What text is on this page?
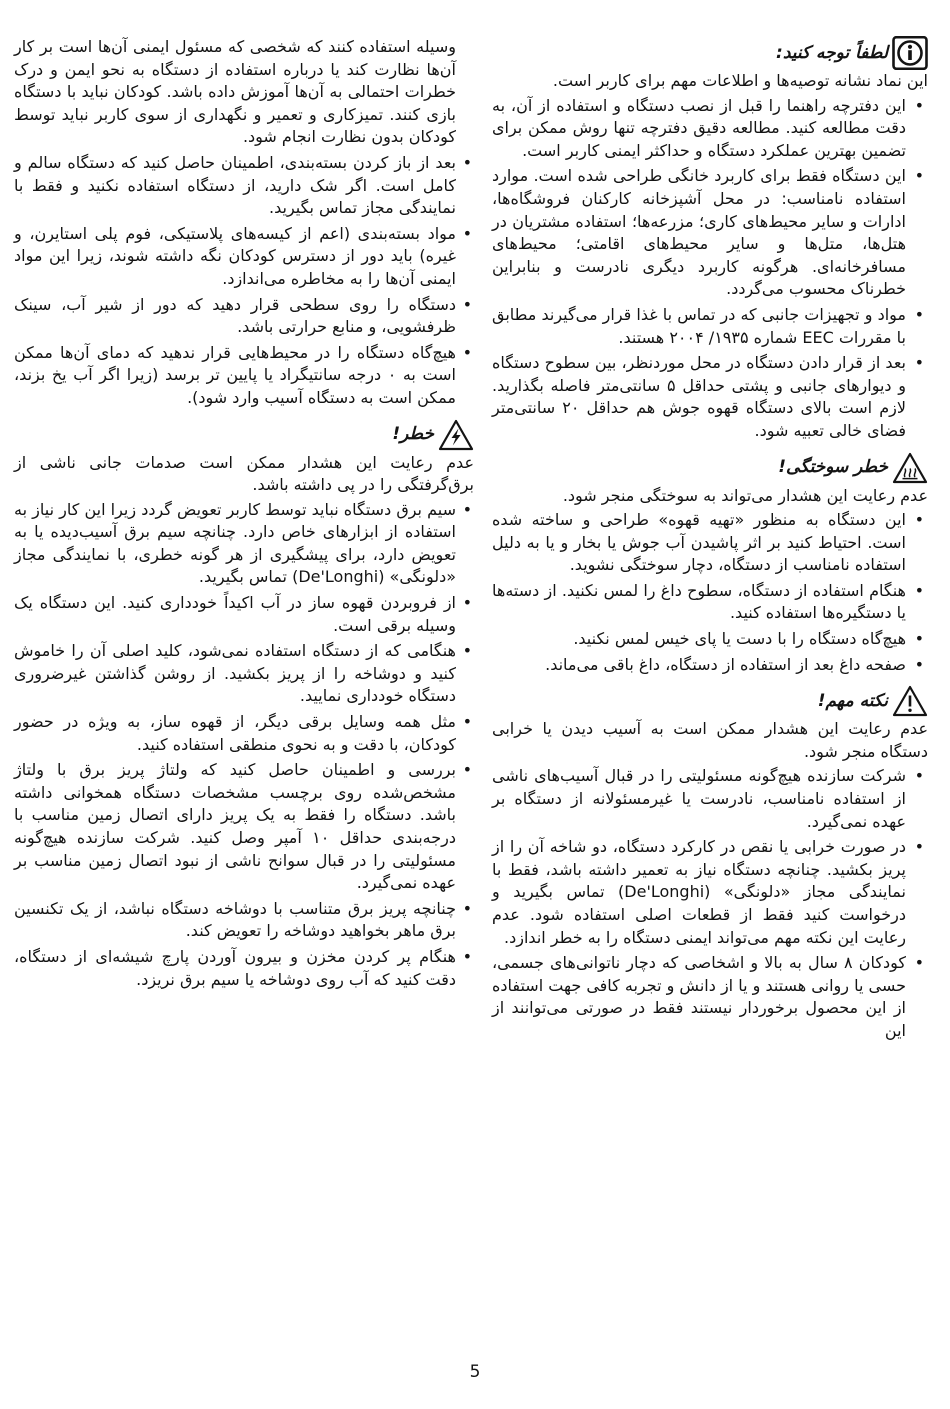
لطفاً توجه کنید:

این نماد نشانه توصیه‌ها و اطلاعات مهم برای کاربر است.

• این دفترچه راهنما را قبل از نصب دستگاه و استفاده از آن، به دقت مطالعه کنید. مطالعه دقیق دفترچه تنها روش ممکن برای تضمین بهترین عملکرد دستگاه و حداکثر ایمنی کاربر است.
• این دستگاه فقط برای کاربرد خانگی طراحی شده است. موارد استفاده نامناسب: در محل آشپزخانه کارکنان فروشگاه‌ها، ادارات و سایر محیط‌های کاری؛ مزرعه‌ها؛ استفاده مشتریان در هتل‌ها، متل‌ها و سایر محیط‌های اقامتی؛ محیط‌های مسافرخانه‌ای. هرگونه کاربرد دیگری نادرست و بنابراین خطرناک محسوب می‌گردد.
• مواد و تجهیزات جانبی که در تماس با غذا قرار می‌گیرند مطابق با مقررات EEC شماره ۱۹۳۵/ ۲۰۰۴ هستند.
• بعد از قرار دادن دستگاه در محل موردنظر، بین سطوح دستگاه و دیوارهای جانبی و پشتی حداقل ۵ سانتی‌متر فاصله بگذارید. لازم است بالای دستگاه قهوه جوش هم حداقل ۲۰ سانتی‌متر فضای خالی تعبیه شود.
خطر سوختگی!

عدم رعایت این هشدار می‌تواند به سوختگی منجر شود.

• این دستگاه به منظور «تهیه قهوه» طراحی و ساخته شده است. احتیاط کنید بر اثر پاشیدن آب جوش یا بخار و یا به دلیل استفاده نامناسب از دستگاه، دچار سوختگی نشوید.
• هنگام استفاده از دستگاه، سطوح داغ را لمس نکنید. از دسته‌ها یا دستگیره‌ها استفاده کنید.
• هیچ‌گاه دستگاه را با دست یا پای خیس لمس نکنید.
• صفحه داغ بعد از استفاده از دستگاه، داغ باقی می‌ماند.
نکته مهم!

عدم رعایت این هشدار ممکن است به آسیب دیدن یا خرابی دستگاه منجر شود.

• شرکت سازنده هیچ‌گونه مسئولیتی را در قبال آسیب‌های ناشی از استفاده نامناسب، نادرست یا غیرمسئولانه از دستگاه بر عهده نمی‌گیرد.
• در صورت خرابی یا نقص در کارکرد دستگاه، دو شاخه آن را از پریز بکشید. چنانچه دستگاه نیاز به تعمیر داشته باشد، فقط با نمایندگی مجاز «دلونگی» (De'Longhi) تماس بگیرید و درخواست کنید فقط از قطعات اصلی استفاده شود. عدم رعایت این نکته مهم می‌تواند ایمنی دستگاه را به خطر اندازد.
• کودکان ۸ سال به بالا و اشخاصی که دچار ناتوانی‌های جسمی، حسی یا روانی هستند و یا از دانش و تجربه کافی جهت استفاده از این محصول برخوردار نیستند فقط در صورتی می‌توانند از این

وسیله استفاده کنند که شخصی که مسئول ایمنی آن‌ها است بر کار آن‌ها نظارت کند یا درباره استفاده از دستگاه به نحو ایمن و درک خطرات احتمالی به آن‌ها آموزش داده باشد. کودکان نباید با دستگاه بازی کنند. تمیزکاری و تعمیر و نگهداری از سوی کاربر نباید توسط کودکان بدون نظارت انجام شود.

• بعد از باز کردن بسته‌بندی، اطمینان حاصل کنید که دستگاه سالم و کامل است. اگر شک دارید، از دستگاه استفاده نکنید و فقط با نمایندگی مجاز تماس بگیرید.
• مواد بسته‌بندی (اعم از کیسه‌های پلاستیکی، فوم پلی استایرن، و غیره) باید دور از دسترس کودکان نگه داشته شوند، زیرا این مواد ایمنی آن‌ها را به مخاطره می‌اندازد.
• دستگاه را روی سطحی قرار دهید که دور از شیر آب، سینک ظرفشویی، و منابع حرارتی باشد.
• هیچ‌گاه دستگاه را در محیط‌هایی قرار ندهید که دمای آن‌ها ممکن است به ۰ درجه سانتیگراد یا پایین تر برسد (زیرا اگر آب یخ بزند، ممکن است به دستگاه آسیب وارد شود).
خطر!

عدم رعایت این هشدار ممکن است صدمات جانی ناشی از برق‌گرفتگی را در پی داشته باشد.

• سیم برق دستگاه نباید توسط کاربر تعویض گردد زیرا این کار نیاز به استفاده از ابزارهای خاص دارد. چنانچه سیم برق آسیب‌دیده یا به تعویض دارد، برای پیشگیری از هر گونه خطری، با نمایندگی مجاز «دلونگی» (De'Longhi) تماس بگیرید.
• از فروبردن قهوه ساز در آب اکیداً خودداری کنید. این دستگاه یک وسیله برقی است.
• هنگامی که از دستگاه استفاده نمی‌شود، کلید اصلی آن را خاموش کنید و دوشاخه را از پریز بکشید. از روشن گذاشتن غیرضروری دستگاه خودداری نمایید.
• مثل همه وسایل برقی دیگر، از قهوه ساز، به ویژه در حضور کودکان، با دقت و به نحوی منطقی استفاده کنید.
• بررسی و اطمینان حاصل کنید که ولتاژ پریز برق با ولتاژ مشخص‌شده روی برچسب مشخصات دستگاه همخوانی داشته باشد. دستگاه را فقط به یک پریز دارای اتصال زمین مناسب با درجه‌بندی حداقل ۱۰ آمپر وصل کنید. شرکت سازنده هیچ‌گونه مسئولیتی را در قبال سوانح ناشی از نبود اتصال زمین مناسب بر عهده نمی‌گیرد.
• چنانچه پریز برق متناسب با دوشاخه دستگاه نباشد، از یک تکنسین برق ماهر بخواهید دوشاخه را تعویض کند.
• هنگام پر کردن مخزن و بیرون آوردن پارچ شیشه‌ای از دستگاه، دقت کنید که آب روی دوشاخه یا سیم برق نریزد.
5
